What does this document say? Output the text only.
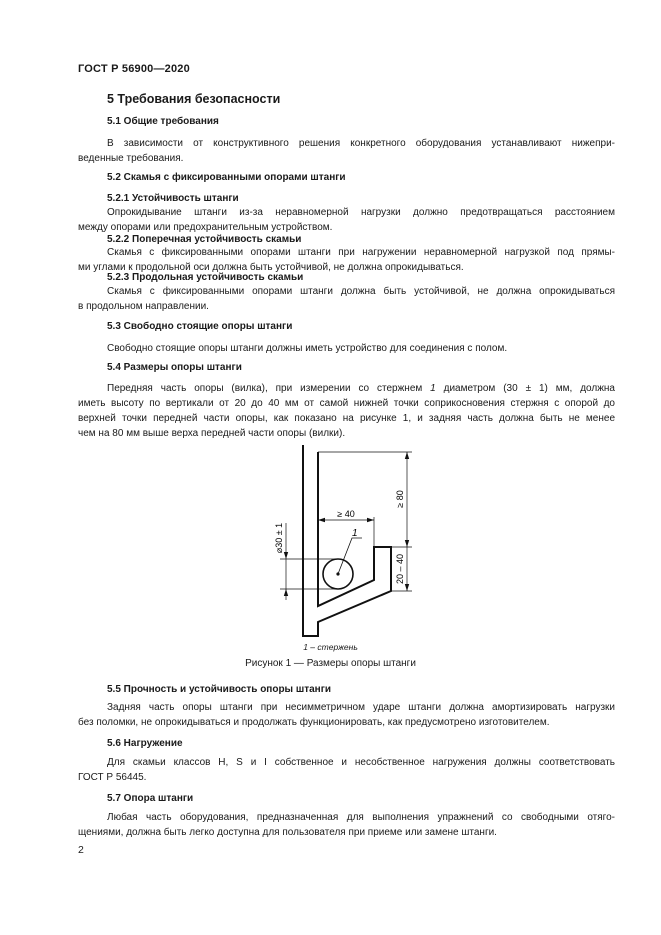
ГОСТ Р 56900—2020
5 Требования безопасности
5.1 Общие требования
В зависимости от конструктивного решения конкретного оборудования устанавливают нижепри-
веденные требования.
5.2 Скамья с фиксированными опорами штанги
5.2.1 Устойчивость штанги
Опрокидывание штанги из-за неравномерной нагрузки должно предотвращаться расстоянием
между опорами или предохранительным устройством.
5.2.2 Поперечная устойчивость скамьи
Скамья с фиксированными опорами штанги при нагружении неравномерной нагрузкой под прямы-
ми углами к продольной оси должна быть устойчивой, не должна опрокидываться.
5.2.3 Продольная устойчивость скамьи
Скамья с фиксированными опорами штанги должна быть устойчивой, не должна опрокидываться
в продольном направлении.
5.3 Свободно стоящие опоры штанги
Свободно стоящие опоры штанги должны иметь устройство для соединения с полом.
5.4 Размеры опоры штанги
Передняя часть опоры (вилка), при измерении со стержнем 1 диаметром (30 ± 1) мм, должна
иметь высоту по вертикали от 20 до 40 мм от самой нижней точки соприкосновения стержня с опорой до
верхней точки передней части опоры, как показано на рисунке 1, и задняя часть должна быть не менее
чем на 80 мм выше верха передней части опоры (вилки).
1
≥ 40
≥ 80
20 – 40
⌀30 ± 1
1 – стержень
Рисунок 1 — Размеры опоры штанги
5.5 Прочность и устойчивость опоры штанги
Задняя часть опоры штанги при несимметричном ударе штанги должна амортизировать нагрузки
без поломки, не опрокидываться и продолжать функционировать, как предусмотрено изготовителем.
5.6 Нагружение
Для скамьи классов H, S и I собственное и несобственное нагружения должны соответствовать
ГОСТ Р 56445.
5.7 Опора штанги
Любая часть оборудования, предназначенная для выполнения упражнений со свободными отяго-
щениями, должна быть легко доступна для пользователя при приеме или замене штанги.
2
